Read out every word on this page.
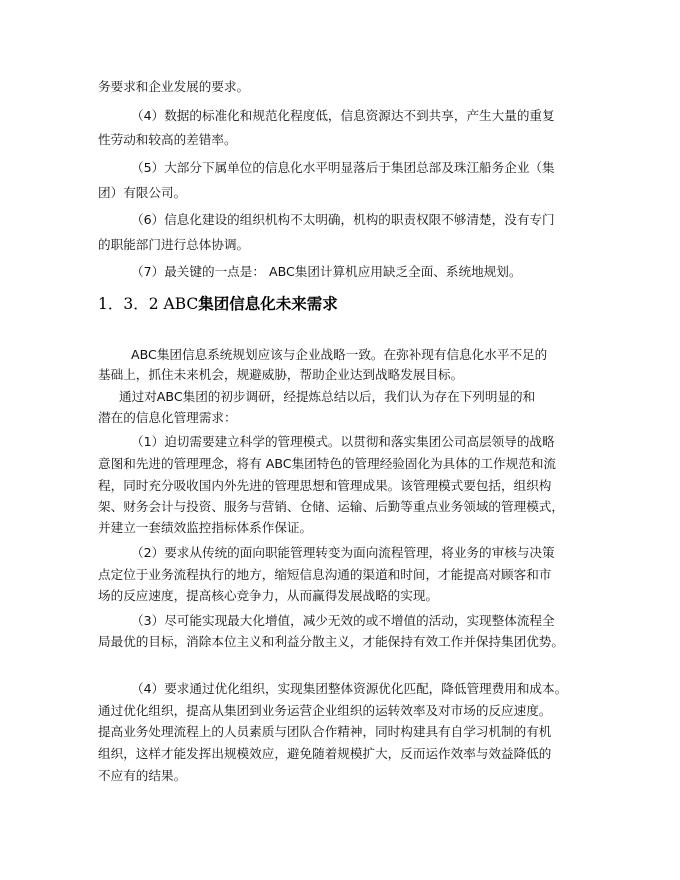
务要求和企业发展的要求。
（4）数据的标准化和规范化程度低，信息资源达不到共享，产生大量的重复
性劳动和较高的差错率。
（5）大部分下属单位的信息化水平明显落后于集团总部及珠江船务企业（集
团）有限公司。
（6）信息化建设的组织机构不太明确，机构的职责权限不够清楚，没有专门
的职能部门进行总体协调。
（7）最关键的一点是： ABC集团计算机应用缺乏全面、系统地规划。
1．3．2 ABC集团信息化未来需求
ABC集团信息系统规划应该与企业战略一致。在弥补现有信息化水平不足的
基础上，抓住未来机会，规避威胁，帮助企业达到战略发展目标。
通过对ABC集团的初步调研，经提炼总结以后，我们认为存在下列明显的和
潜在的信息化管理需求：
（1）迫切需要建立科学的管理模式。以贯彻和落实集团公司高层领导的战略
意图和先进的管理理念，将有 ABC集团特色的管理经验固化为具体的工作规范和流
程，同时充分吸收国内外先进的管理思想和管理成果。该管理模式要包括，组织构
架、财务会计与投资、服务与营销、仓储、运输、后勤等重点业务领域的管理模式，
并建立一套绩效监控指标体系作保证。
（2）要求从传统的面向职能管理转变为面向流程管理，将业务的审核与决策
点定位于业务流程执行的地方，缩短信息沟通的渠道和时间，才能提高对顾客和市
场的反应速度，提高核心竞争力，从而赢得发展战略的实现。
（3）尽可能实现最大化增值，减少无效的或不增值的活动，实现整体流程全
局最优的目标，消除本位主义和利益分散主义，才能保持有效工作并保持集团优势。
（4）要求通过优化组织，实现集团整体资源优化匹配，降低管理费用和成本。
通过优化组织，提高从集团到业务运营企业组织的运转效率及对市场的反应速度。
提高业务处理流程上的人员素质与团队合作精神，同时构建具有自学习机制的有机
组织，这样才能发挥出规模效应，避免随着规模扩大，反而运作效率与效益降低的
不应有的结果。
